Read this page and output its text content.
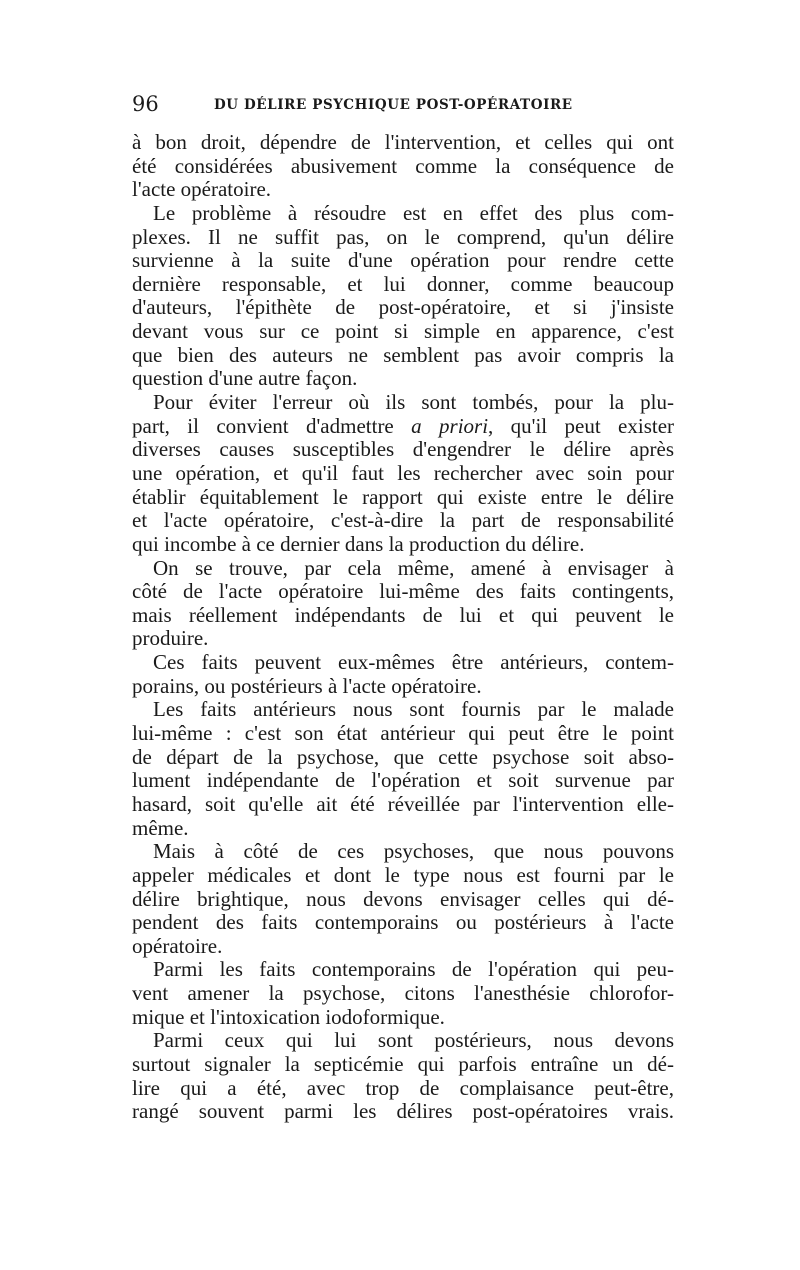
96	DU DÉLIRE PSYCHIQUE POST-OPÉRATOIRE
à bon droit, dépendre de l'intervention, et celles qui ont
été considérées abusivement comme la conséquence de
l'acte opératoire.
Le problème à résoudre est en effet des plus com-
plexes. Il ne suffit pas, on le comprend, qu'un délire
survienne à la suite d'une opération pour rendre cette
dernière responsable, et lui donner, comme beaucoup
d'auteurs, l'épithète de post-opératoire, et si j'insiste
devant vous sur ce point si simple en apparence, c'est
que bien des auteurs ne semblent pas avoir compris la
question d'une autre façon.
Pour éviter l'erreur où ils sont tombés, pour la plu-
part, il convient d'admettre a priori, qu'il peut exister
diverses causes susceptibles d'engendrer le délire après
une opération, et qu'il faut les rechercher avec soin pour
établir équitablement le rapport qui existe entre le délire
et l'acte opératoire, c'est-à-dire la part de responsabilité
qui incombe à ce dernier dans la production du délire.
On se trouve, par cela même, amené à envisager à
côté de l'acte opératoire lui-même des faits contingents,
mais réellement indépendants de lui et qui peuvent le
produire.
Ces faits peuvent eux-mêmes être antérieurs, contem-
porains, ou postérieurs à l'acte opératoire.
Les faits antérieurs nous sont fournis par le malade
lui-même : c'est son état antérieur qui peut être le point
de départ de la psychose, que cette psychose soit abso-
lument indépendante de l'opération et soit survenue par
hasard, soit qu'elle ait été réveillée par l'intervention elle-
même.
Mais à côté de ces psychoses, que nous pouvons
appeler médicales et dont le type nous est fourni par le
délire brightique, nous devons envisager celles qui dé-
pendent des faits contemporains ou postérieurs à l'acte
opératoire.
Parmi les faits contemporains de l'opération qui peu-
vent amener la psychose, citons l'anesthésie chlorofor-
mique et l'intoxication iodoformique.
Parmi ceux qui lui sont postérieurs, nous devons
surtout signaler la septicémie qui parfois entraîne un dé-
lire qui a été, avec trop de complaisance peut-être,
rangé souvent parmi les délires post-opératoires vrais.
